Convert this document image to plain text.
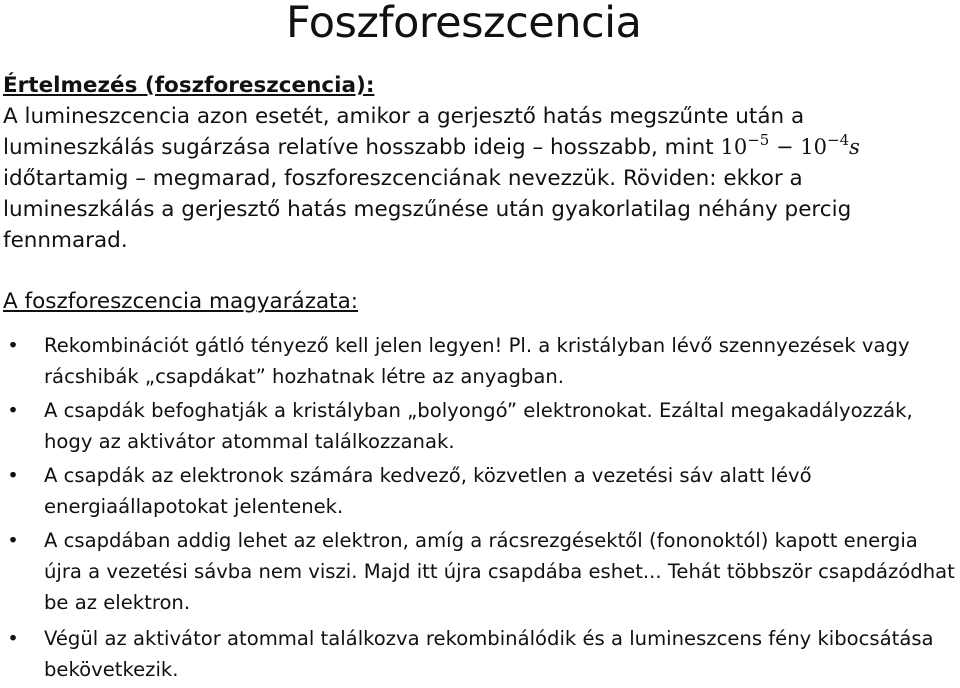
Foszforeszcencia
Értelmezés (foszforeszcencia):

A lumineszcencia azon esetét, amikor a gerjesztő hatás megszűnte után a lumineszkálás sugárzása relatíve hosszabb ideig – hosszabb, mint $10^{-5} - 10^{-4}s$ időtartamig – megmarad, foszforeszcenciának nevezzük. Röviden: ekkor a lumineszkálás a gerjesztő hatás megszűnése után gyakorlatilag néhány percig fennmarad.

A foszforeszcencia magyarázata:
• Rekombinációt gátló tényező kell jelen legyen! Pl. a kristályban lévő szennyezések vagy rácshibák „csapdákat” hozhatnak létre az anyagban.
• A csapdák befoghatják a kristályban „bolyongó” elektronokat. Ezáltal megakadályozzák, hogy az aktivátor atommal találkozzanak.
• A csapdák az elektronok számára kedvező, közvetlen a vezetési sáv alatt lévő energiaállapotokat jelentenek.
• A csapdában addig lehet az elektron, amíg a rácsrezgésektől (fononoktól) kapott energia újra a vezetési sávba nem viszi. Majd itt újra csapdába eshet... Tehát többször csapdázódhat be az elektron.
• Végül az aktivátor atommal találkozva rekombinálódik és a lumineszcens fény kibocsátása bekövetkezik.
